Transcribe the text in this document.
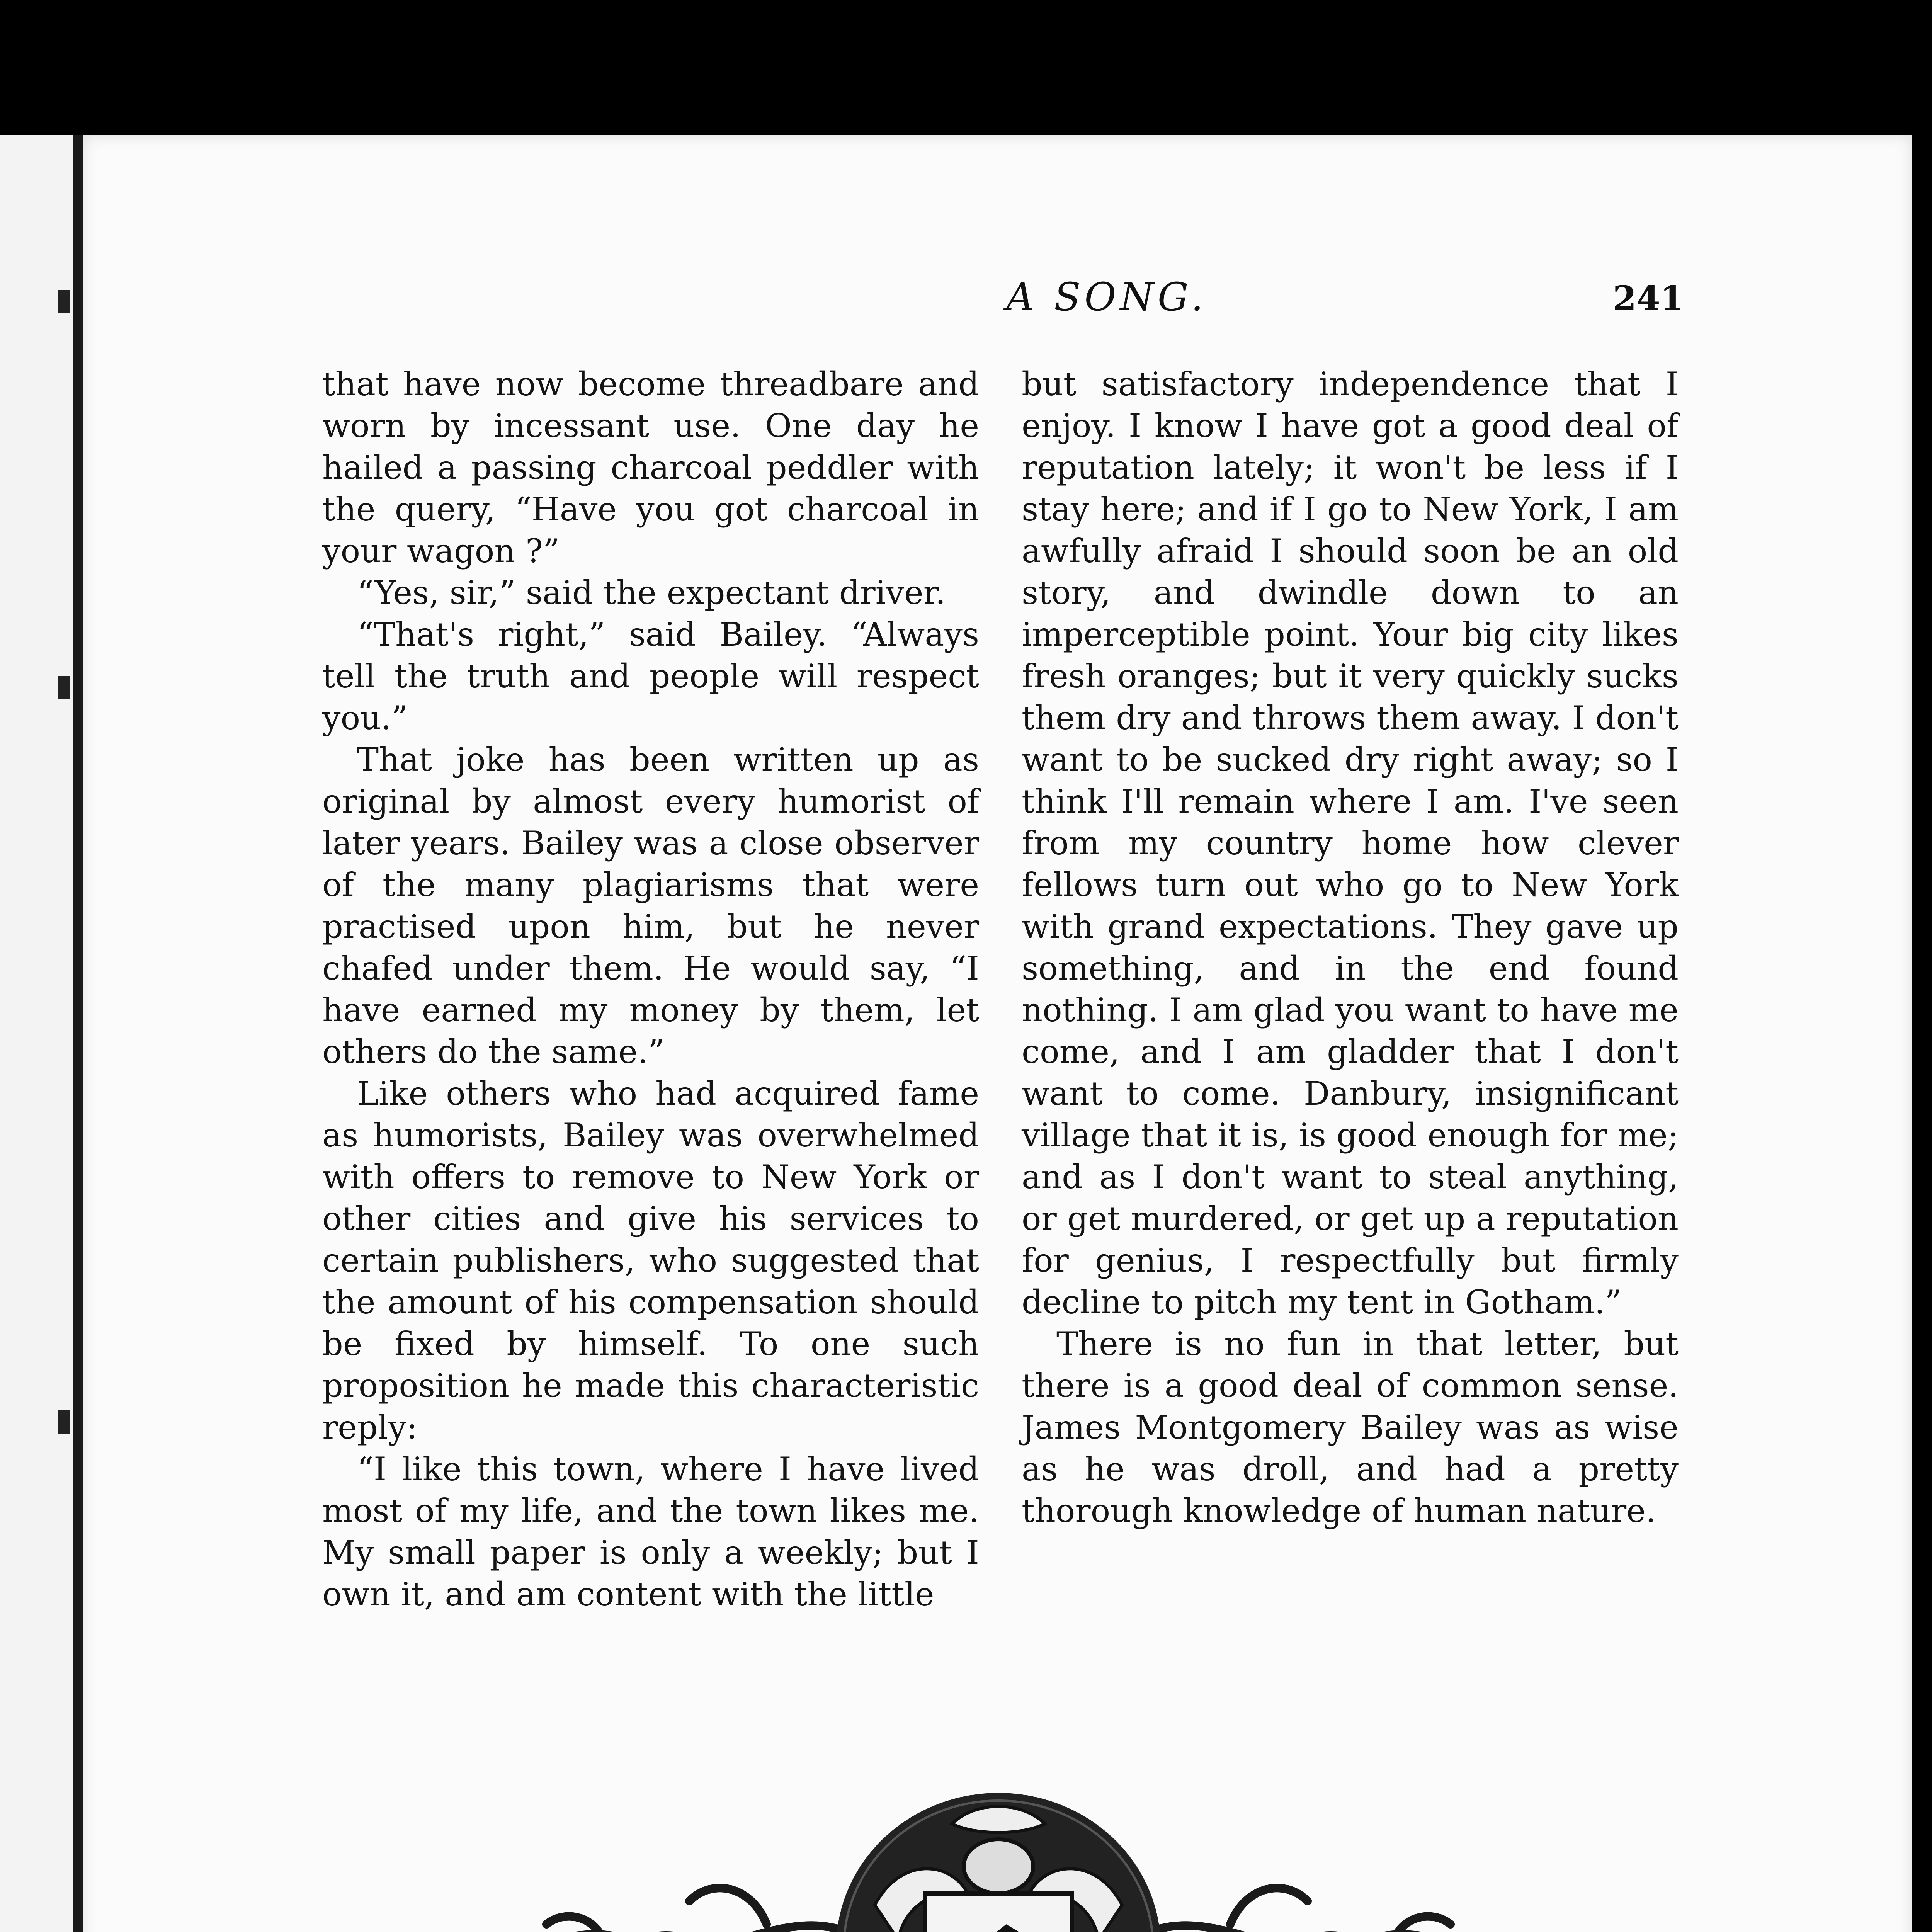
A SONG.	241

that have now become threadbare and worn by incessant use. One day he hailed a passing charcoal peddler with the query, “Have you got charcoal in your wagon ?”

“Yes, sir,” said the expectant driver.

“That's right,” said Bailey. “Always tell the truth and people will respect you.”

That joke has been written up as original by almost every humorist of later years. Bailey was a close observer of the many plagiarisms that were practised upon him, but he never chafed under them. He would say, “I have earned my money by them, let others do the same.”

Like others who had acquired fame as humorists, Bailey was overwhelmed with offers to remove to New York or other cities and give his services to certain publishers, who suggested that the amount of his compensation should be fixed by himself. To one such proposition he made this characteristic reply:

“I like this town, where I have lived most of my life, and the town likes me. My small paper is only a weekly; but I own it, and am content with the little

but satisfactory independence that I enjoy. I know I have got a good deal of reputation lately; it won't be less if I stay here; and if I go to New York, I am awfully afraid I should soon be an old story, and dwindle down to an imperceptible point. Your big city likes fresh oranges; but it very quickly sucks them dry and throws them away. I don't want to be sucked dry right away; so I think I'll remain where I am. I've seen from my country home how clever fellows turn out who go to New York with grand expectations. They gave up something, and in the end found nothing. I am glad you want to have me come, and I am gladder that I don't want to come. Danbury, insignificant village that it is, is good enough for me; and as I don't want to steal anything, or get murdered, or get up a reputation for genius, I respectfully but firmly decline to pitch my tent in Gotham.”

There is no fun in that letter, but there is a good deal of common sense. James Montgomery Bailey was as wise as he was droll, and had a pretty thorough knowledge of human nature.
